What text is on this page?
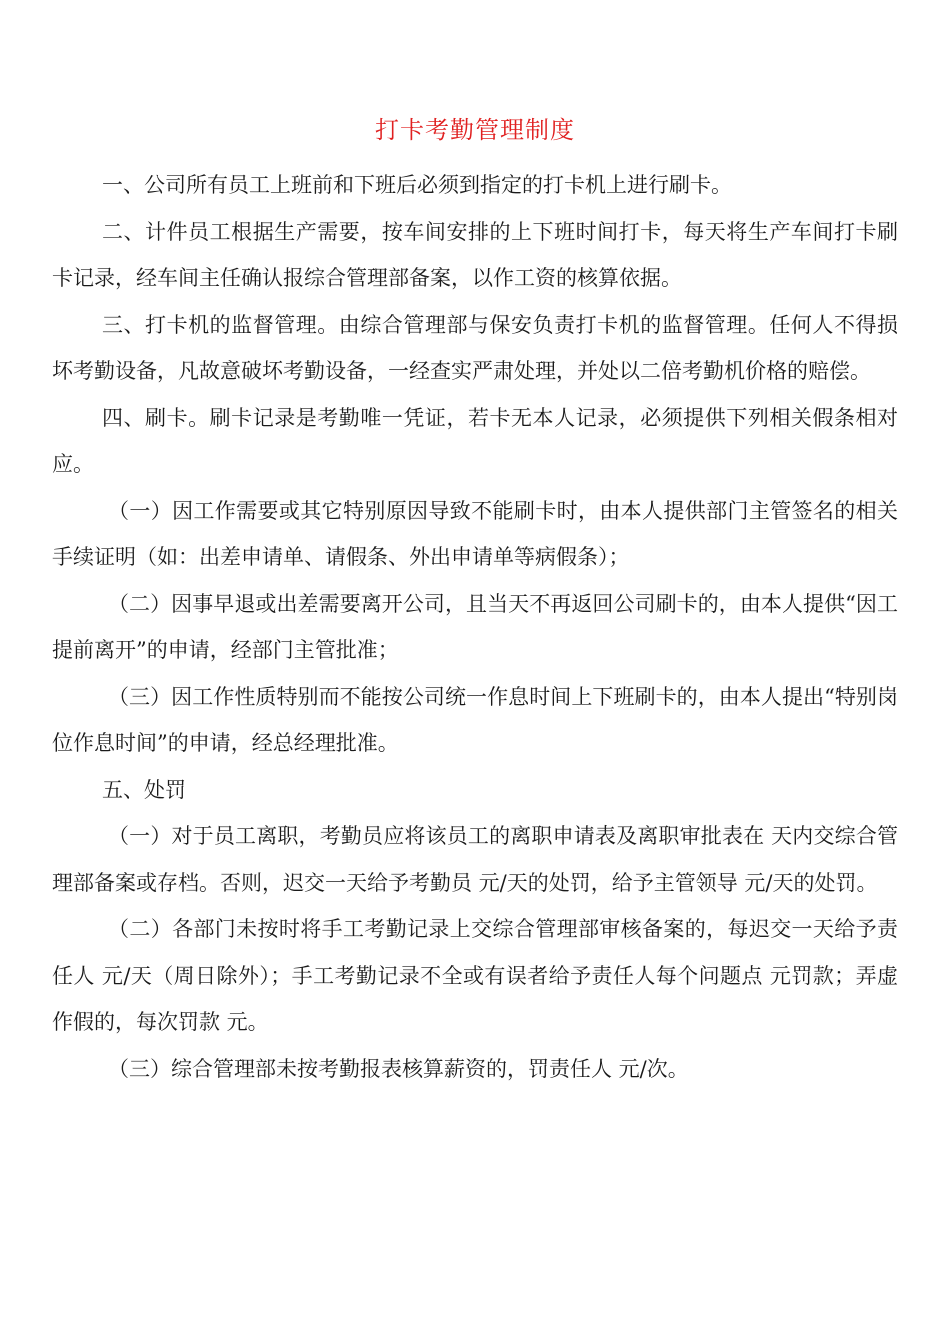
打卡考勤管理制度

一、公司所有员工上班前和下班后必须到指定的打卡机上进行刷卡。

二、计件员工根据生产需要，按车间安排的上下班时间打卡，每天将生产车间打卡刷卡记录，经车间主任确认报综合管理部备案，以作工资的核算依据。

三、打卡机的监督管理。由综合管理部与保安负责打卡机的监督管理。任何人不得损坏考勤设备，凡故意破坏考勤设备，一经查实严肃处理，并处以二倍考勤机价格的赔偿。

四、刷卡。刷卡记录是考勤唯一凭证，若卡无本人记录，必须提供下列相关假条相对应。

（一）因工作需要或其它特别原因导致不能刷卡时，由本人提供部门主管签名的相关手续证明（如：出差申请单、请假条、外出申请单等病假条）；

（二）因事早退或出差需要离开公司，且当天不再返回公司刷卡的，由本人提供“因工提前离开”的申请，经部门主管批准；

（三）因工作性质特别而不能按公司统一作息时间上下班刷卡的，由本人提出“特别岗位作息时间”的申请，经总经理批准。

五、处罚

（一）对于员工离职，考勤员应将该员工的离职申请表及离职审批表在 天内交综合管理部备案或存档。否则，迟交一天给予考勤员 元/天的处罚，给予主管领导 元/天的处罚。

（二）各部门未按时将手工考勤记录上交综合管理部审核备案的，每迟交一天给予责任人 元/天（周日除外）；手工考勤记录不全或有误者给予责任人每个问题点 元罚款；弄虚作假的，每次罚款 元。

（三）综合管理部未按考勤报表核算薪资的，罚责任人 元/次。
